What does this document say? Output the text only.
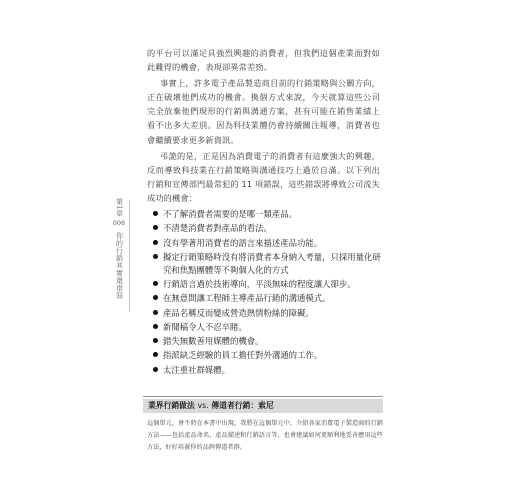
的平台可以滿足具強烈興趣的消費者，但我們這個產業面對如此難得的機會，表現卻異常差勁。

事實上，許多電子產品製造商目前的行銷策略與公關方向，正在破壞他們成功的機會。換個方式來說，今天就算這些公司完全放棄他們現形的行銷與溝通方案，甚有可能在銷售業績上看不出多大差別。因為科技業體仍會持續關注報導，消費者也會繼續要求更多新資訊。

弔詭的是，正是因為消費電子的消費者有這麼強大的興趣，反而導致科技業在行銷策略與溝通技巧上過於自滿。以下列出行銷和宣傳部門最常犯的 11 項錯誤，這些錯誤將導致公司流失成功的機會：

不了解消費者需要的是哪一類產品。
不清楚消費者對產品的看法。
沒有學著用消費者的語言來描述產品功能。
擬定行銷策略時沒有將消費者本身納入考量，只採用量化研究和焦點團體等不夠個人化的方式
行銷語言過於技術導向，平淡無味的程度讓人卻步。
在無意間讓工程師主導產品行銷的溝通模式。
產品名稱反而變成營造熱情粉絲的障礙。
新聞稿令人不忍卒睹。
錯失無數善用媒體的機會。
指派缺乏經驗的員工擔任對外溝通的工作。
太注重社群媒體。
第1章
006
你的行銷其實還很弱
業界行銷做法 vs. 傳道者行銷：索尼
這個單元，會不時在本書中出現，我將在這個單元中，介紹各家消費電子製造商的行銷方法——包括產品命名、產品描述和行銷語言等，也會建議如何更順利地妥善應用這些方法，好好培養你的品牌傳道者群。
